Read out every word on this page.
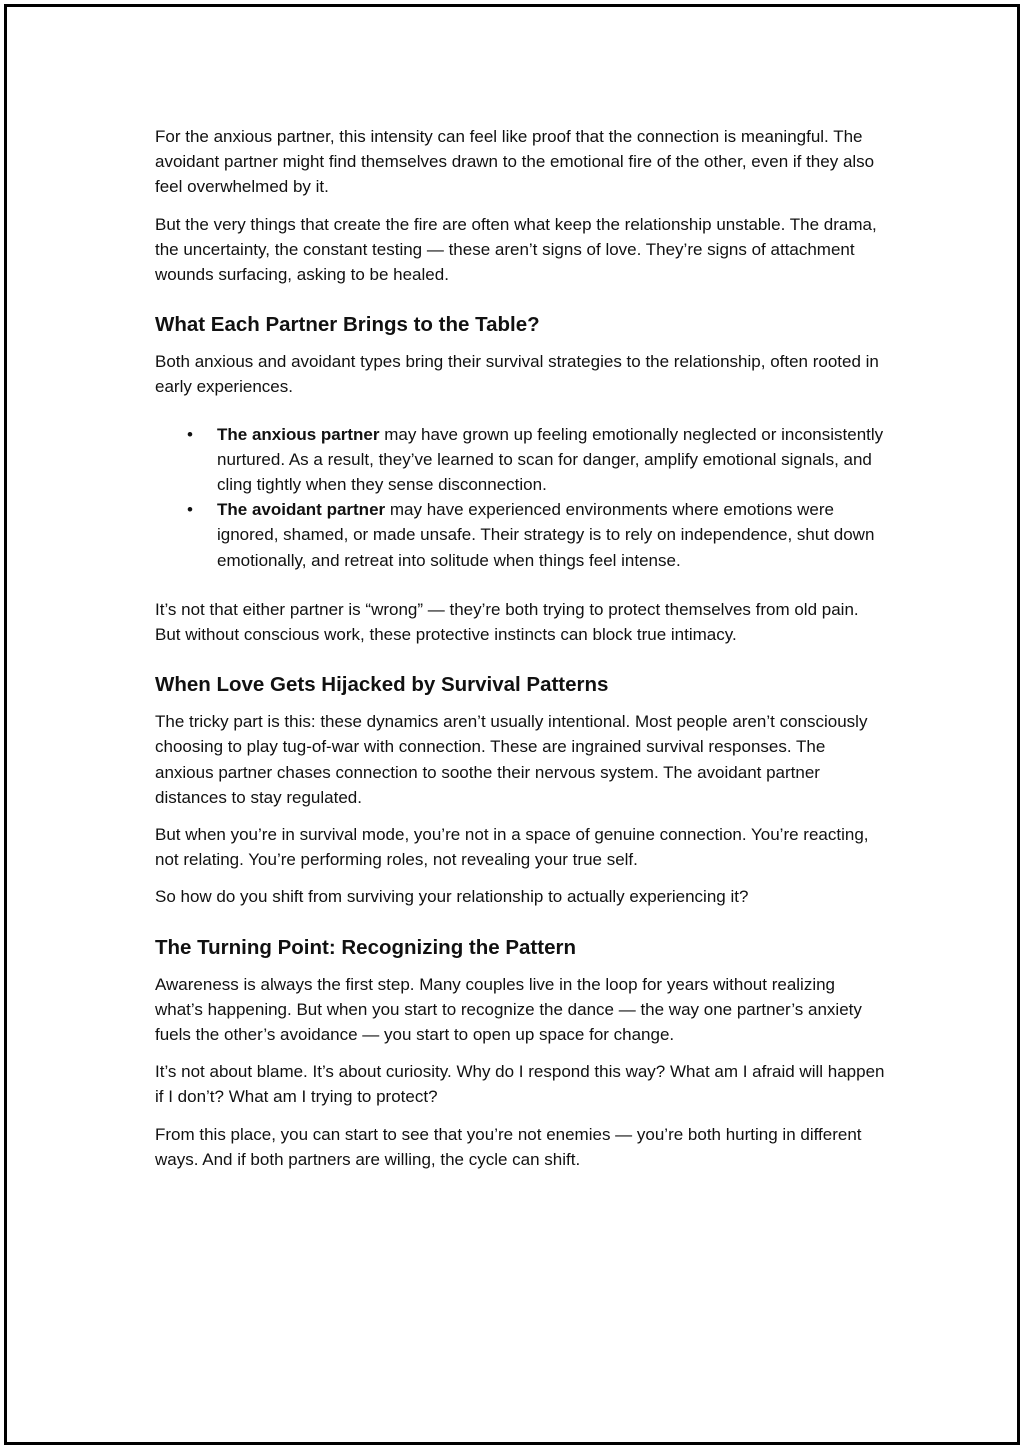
For the anxious partner, this intensity can feel like proof that the connection is meaningful. The avoidant partner might find themselves drawn to the emotional fire of the other, even if they also feel overwhelmed by it.

But the very things that create the fire are often what keep the relationship unstable. The drama, the uncertainty, the constant testing — these aren’t signs of love. They’re signs of attachment wounds surfacing, asking to be healed.

What Each Partner Brings to the Table?

Both anxious and avoidant types bring their survival strategies to the relationship, often rooted in early experiences.

• The anxious partner may have grown up feeling emotionally neglected or inconsistently nurtured. As a result, they’ve learned to scan for danger, amplify emotional signals, and cling tightly when they sense disconnection.
• The avoidant partner may have experienced environments where emotions were ignored, shamed, or made unsafe. Their strategy is to rely on independence, shut down emotionally, and retreat into solitude when things feel intense.

It’s not that either partner is “wrong” — they’re both trying to protect themselves from old pain. But without conscious work, these protective instincts can block true intimacy.

When Love Gets Hijacked by Survival Patterns

The tricky part is this: these dynamics aren’t usually intentional. Most people aren’t consciously choosing to play tug-of-war with connection. These are ingrained survival responses. The anxious partner chases connection to soothe their nervous system. The avoidant partner distances to stay regulated.

But when you’re in survival mode, you’re not in a space of genuine connection. You’re reacting, not relating. You’re performing roles, not revealing your true self.

So how do you shift from surviving your relationship to actually experiencing it?

The Turning Point: Recognizing the Pattern

Awareness is always the first step. Many couples live in the loop for years without realizing what’s happening. But when you start to recognize the dance — the way one partner’s anxiety fuels the other’s avoidance — you start to open up space for change.

It’s not about blame. It’s about curiosity. Why do I respond this way? What am I afraid will happen if I don’t? What am I trying to protect?

From this place, you can start to see that you’re not enemies — you’re both hurting in different ways. And if both partners are willing, the cycle can shift.
